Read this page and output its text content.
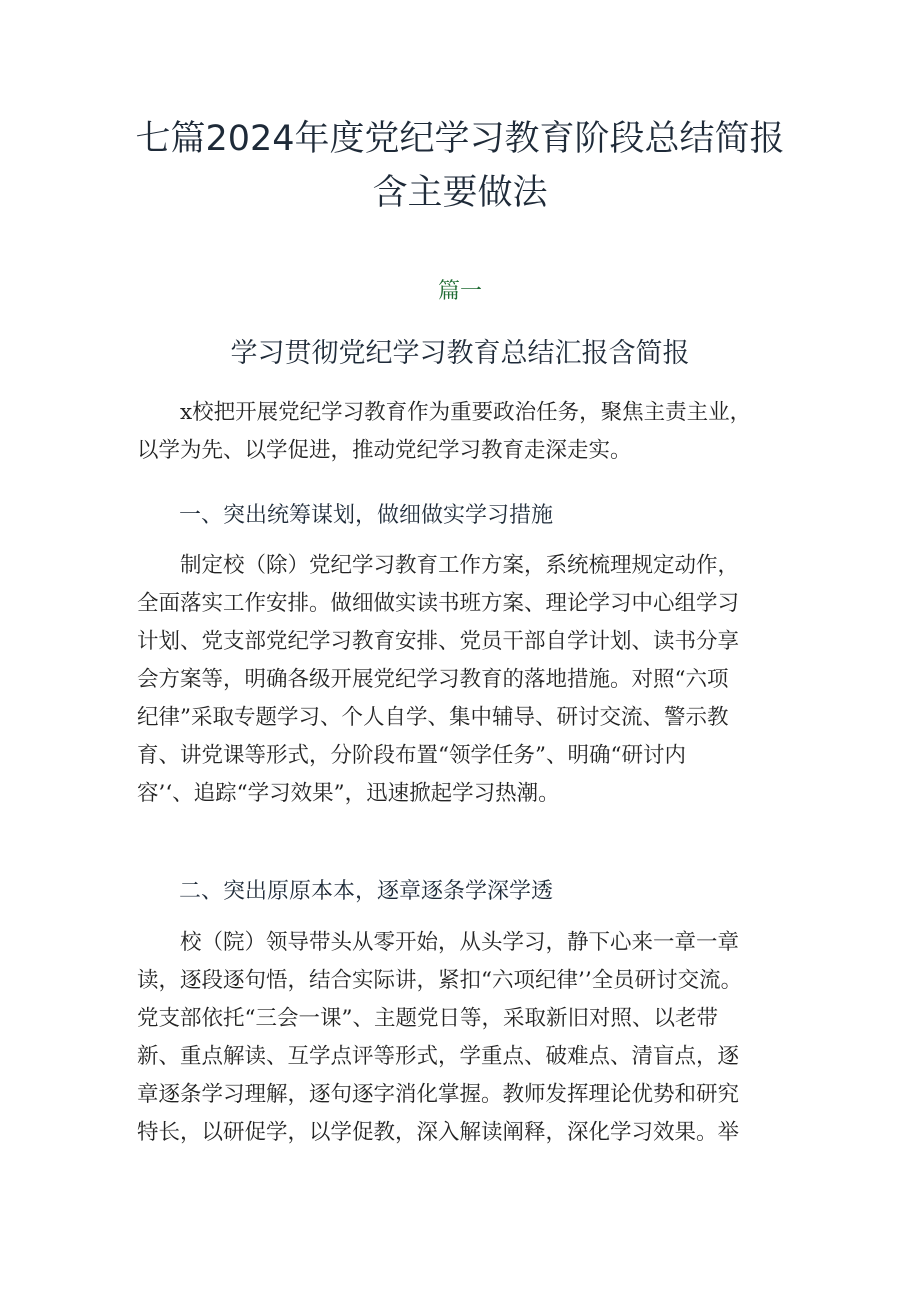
七篇2024年度党纪学习教育阶段总结简报
含主要做法
篇一
学习贯彻党纪学习教育总结汇报含简报
x校把开展党纪学习教育作为重要政治任务，聚焦主责主业，
以学为先、以学促进，推动党纪学习教育走深走实。
一、突出统筹谋划，做细做实学习措施
制定校（除）党纪学习教育工作方案，系统梳理规定动作，
全面落实工作安排。做细做实读书班方案、理论学习中心组学习
计划、党支部党纪学习教育安排、党员干部自学计划、读书分享
会方案等，明确各级开展党纪学习教育的落地措施。对照“六项
纪律”采取专题学习、个人自学、集中辅导、研讨交流、警示教
育、讲党课等形式，分阶段布置“领学任务”、明确“研讨内
容’‘、追踪“学习效果”，迅速掀起学习热潮。
二、突出原原本本，逐章逐条学深学透
校（院）领导带头从零开始，从头学习，静下心来一章一章
读，逐段逐句悟，结合实际讲，紧扣“六项纪律’’全员研讨交流。
党支部依托“三会一课”、主题党日等，采取新旧对照、以老带
新、重点解读、互学点评等形式，学重点、破难点、清盲点，逐
章逐条学习理解，逐句逐字消化掌握。教师发挥理论优势和研究
特长，以研促学，以学促教，深入解读阐释，深化学习效果。举
